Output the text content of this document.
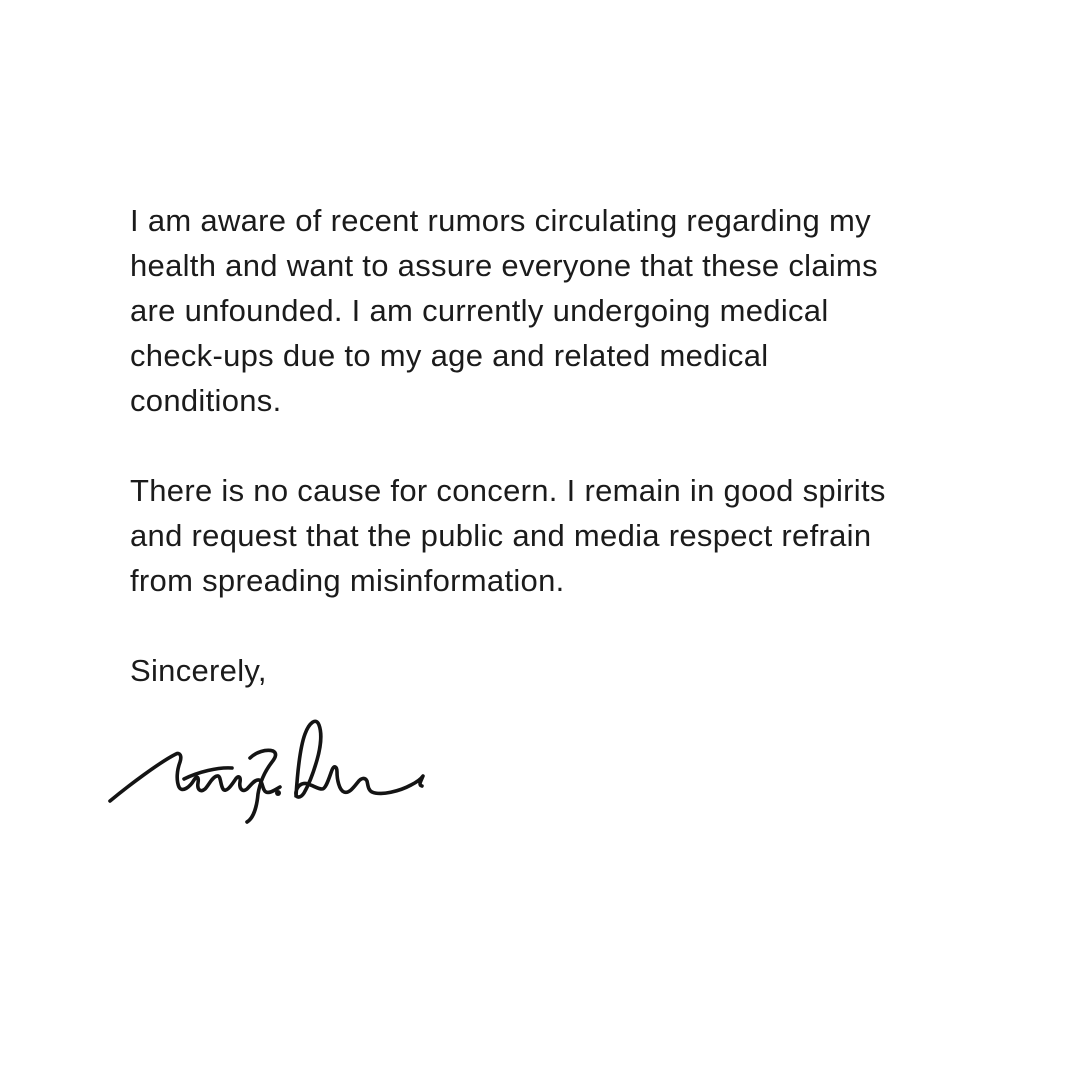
I am aware of recent rumors circulating regarding my
health and want to assure everyone that these claims
are unfounded. I am currently undergoing medical
check-ups due to my age and related medical
conditions.

There is no cause for concern. I remain in good spirits
and request that the public and media respect refrain
from spreading misinformation.

Sincerely,
